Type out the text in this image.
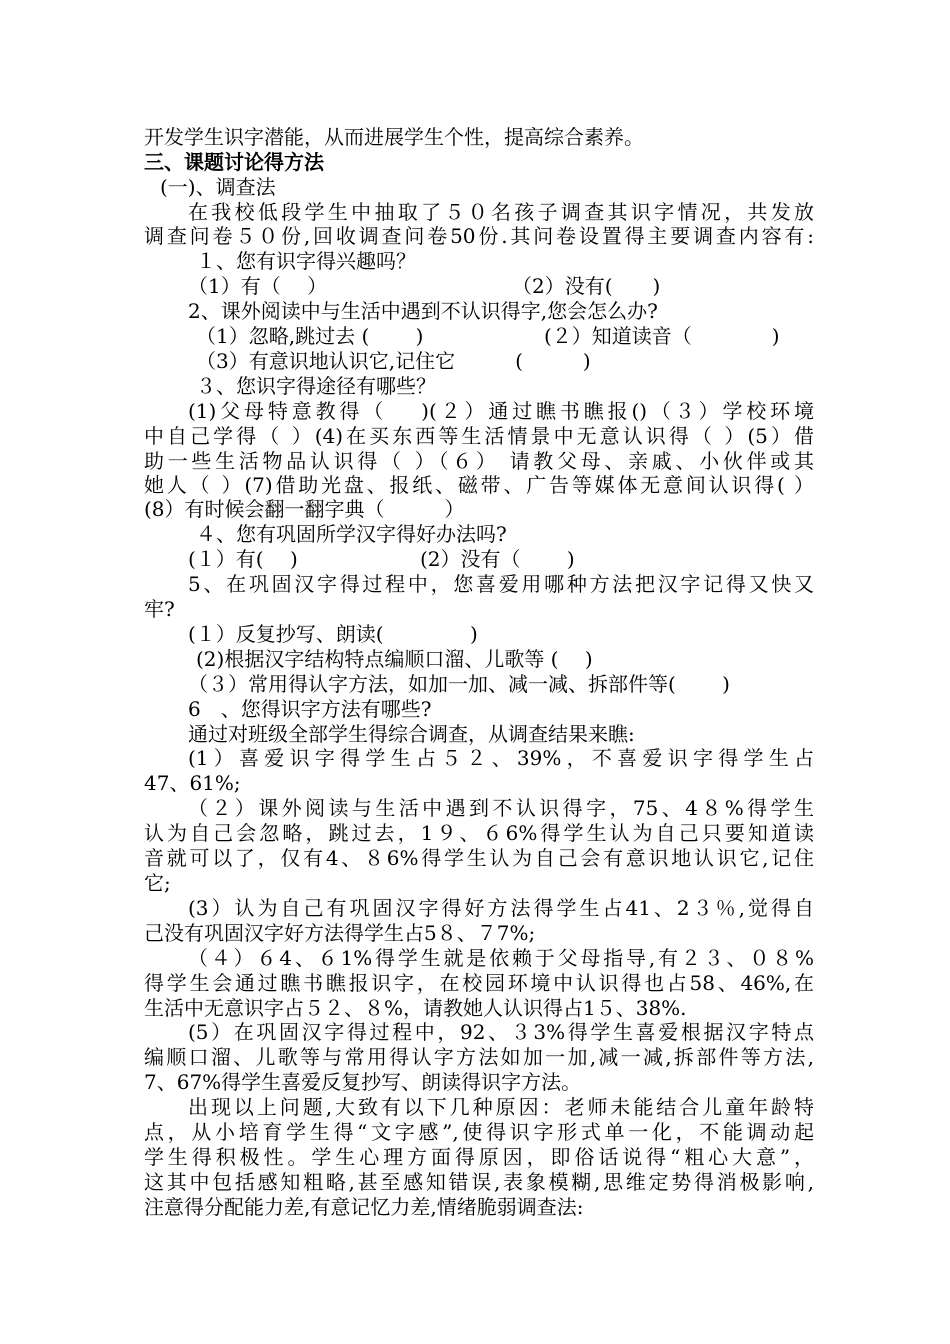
开发学生识字潜能，从而进展学生个性，提高综合素养。
三、课题讨论得方法
(一)、调查法
在我校低段学生中抽取了５０名孩子调查其识字情况，共发放
调查问卷５０份,回收调查问卷50份.其问卷设置得主要调查内容有:
１、您有识字得兴趣吗？
（1）有（　 ）	（2）没有(　　)
2、课外阅读中与生活中遇到不认识得字,您会怎么办?
（1）忽略,跳过去 (　　 )	(２）知道读音（　　　　)
（3）有意识地认识它,记住它　　　(　　　)
３、您识字得途径有哪些？
(1)父母特意教得（　 )(２）通过瞧书瞧报()（３）学校环境
中自己学得（ ）(4)在买东西等生活情景中无意认识得（ ）(5）借
助一些生活物品认识得（ ）（６） 请教父母、亲戚、小伙伴或其
她人（ ）(7)借助光盘、报纸、磁带、广告等媒体无意间认识得( ）
(8）有时候会翻一翻字典（　　　）
４、您有巩固所学汉字得好办法吗?
(１）有(　 )	(2）没有（　　 )
5、在巩固汉字得过程中，您喜爱用哪种方法把汉字记得又快又
牢?
(１）反复抄写、朗读(　　　　 )
(2)根据汉字结构特点编顺口溜、儿歌等 (　 )
（３）常用得认字方法，如加一加、减一减、拆部件等(　　 )
6　、您得识字方法有哪些?
通过对班级全部学生得综合调查，从调查结果来瞧:
(1）喜爱识字得学生占５２、39%，不喜爱识字得学生占
47、61%;
（２）课外阅读与生活中遇到不认识得字，75、4８%得学生
认为自己会忽略，跳过去，1９、６6%得学生认为自己只要知道读
音就可以了，仅有4、８6%得学生认为自己会有意识地认识它,记住
它;
(3）认为自己有巩固汉字得好方法得学生占41、2３％,觉得自
己没有巩固汉字好方法得学生占5８、７7%;
（４）６4、６1%得学生就是依赖于父母指导,有２３、０８%
得学生会通过瞧书瞧报识字，在校园环境中认识得也占58、46%,在
生活中无意识字占５２、８%，请教她人认识得占1５、38%.
(5）在巩固汉字得过程中，92、３3%得学生喜爱根据汉字特点
编顺口溜、儿歌等与常用得认字方法如加一加,减一减,拆部件等方法,
7、67%得学生喜爱反复抄写、朗读得识字方法。
出现以上问题,大致有以下几种原因：老师未能结合儿童年龄特
点，从小培育学生得“文字感”,使得识字形式单一化，不能调动起
学生得积极性。学生心理方面得原因，即俗话说得“粗心大意”，
这其中包括感知粗略,甚至感知错误,表象模糊,思维定势得消极影响,
注意得分配能力差,有意记忆力差,情绪脆弱调查法:
